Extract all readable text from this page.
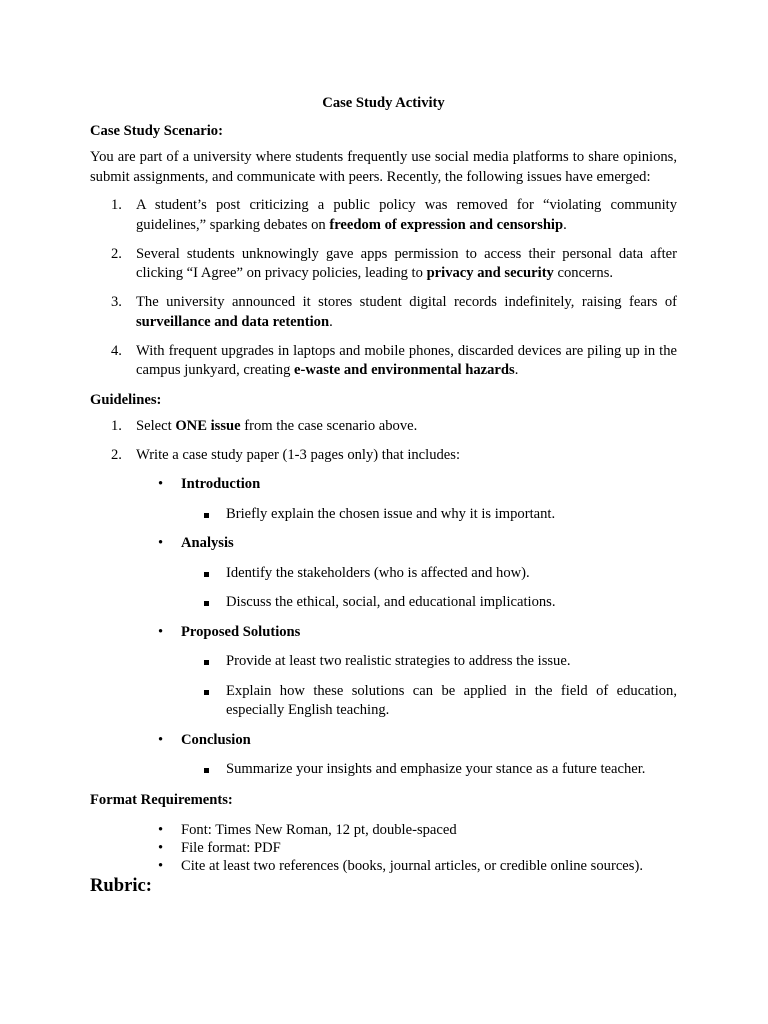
Case Study Activity
Case Study Scenario:
You are part of a university where students frequently use social media platforms to share opinions, submit assignments, and communicate with peers. Recently, the following issues have emerged:
1. A student’s post criticizing a public policy was removed for “violating community guidelines,” sparking debates on freedom of expression and censorship.
2. Several students unknowingly gave apps permission to access their personal data after clicking “I Agree” on privacy policies, leading to privacy and security concerns.
3. The university announced it stores student digital records indefinitely, raising fears of surveillance and data retention.
4. With frequent upgrades in laptops and mobile phones, discarded devices are piling up in the campus junkyard, creating e-waste and environmental hazards.
Guidelines:
1. Select ONE issue from the case scenario above.
2. Write a case study paper (1-3 pages only) that includes:
• Introduction
Briefly explain the chosen issue and why it is important.
• Analysis
Identify the stakeholders (who is affected and how).
Discuss the ethical, social, and educational implications.
• Proposed Solutions
Provide at least two realistic strategies to address the issue.
Explain how these solutions can be applied in the field of education, especially English teaching.
• Conclusion
Summarize your insights and emphasize your stance as a future teacher.
Format Requirements:
• Font: Times New Roman, 12 pt, double-spaced
• File format: PDF
• Cite at least two references (books, journal articles, or credible online sources).
Rubric:
